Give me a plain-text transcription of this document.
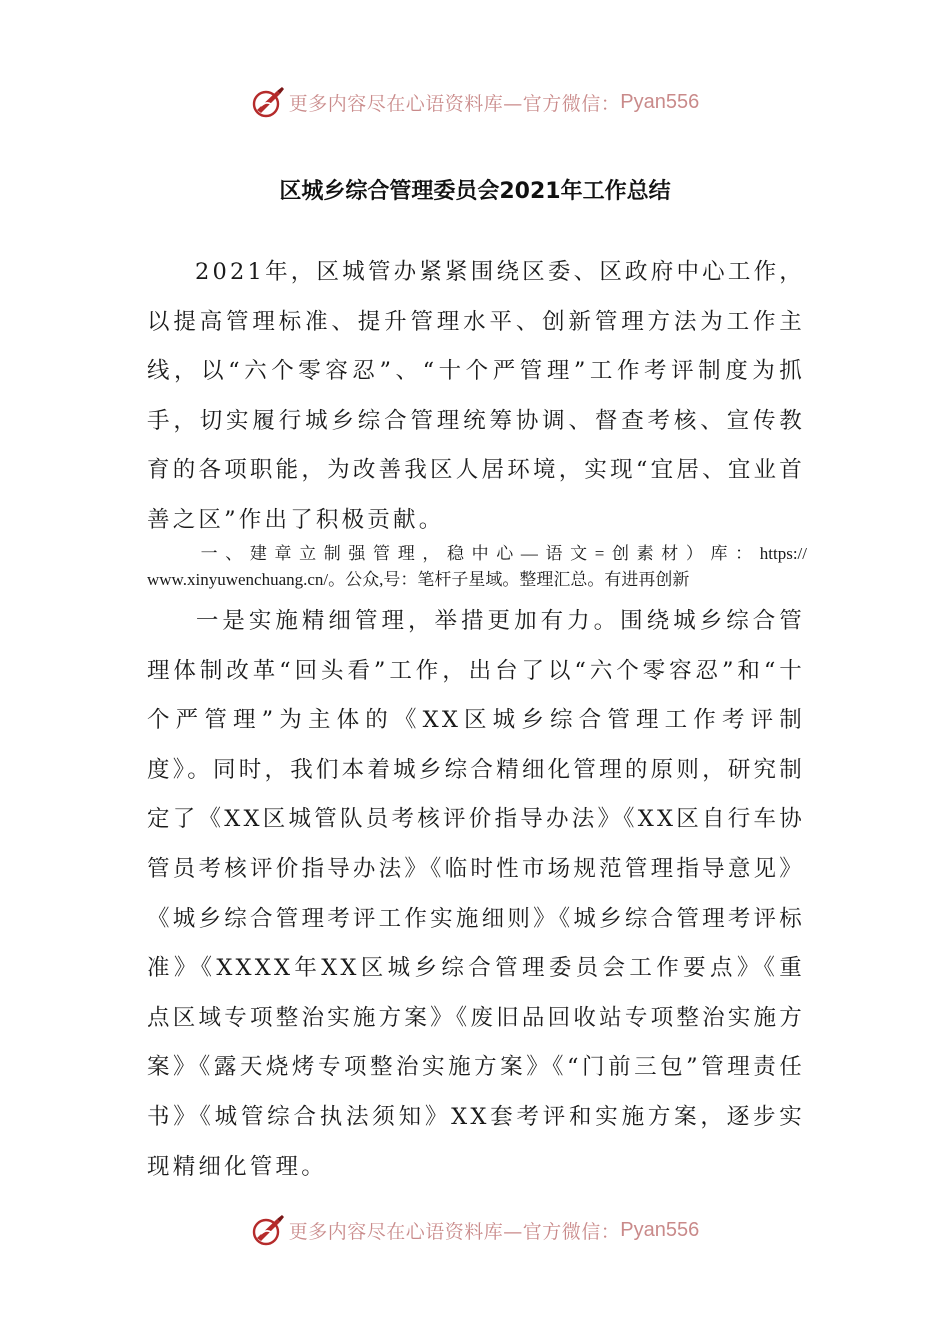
更多内容尽在心语资料库—官方微信： Pyan556
区城乡综合管理委员会2021年工作总结

2021年，区城管办紧紧围绕区委、区政府中心工作，以提高管理标准、提升管理水平、创新管理方法为工作主线，以“六个零容忍”、“十个严管理”工作考评制度为抓手，切实履行城乡综合管理统筹协调、督查考核、宣传教育的各项职能，为改善我区人居环境，实现“宜居、宜业首善之区”作出了积极贡献。

一、建章立制强管理，稳中心—语文=创素材）库：https://

www.xinyuwenchuang.cn/。公众,号：笔杆子星域。整理汇总。有进再创新

一是实施精细管理，举措更加有力。围绕城乡综合管理体制改革“回头看”工作，出台了以“六个零容忍”和“十个严管理”为主体的《XX区城乡综合管理工作考评制度》。同时，我们本着城乡综合精细化管理的原则，研究制定了《XX区城管队员考核评价指导办法》《XX区自行车协管员考核评价指导办法》《临时性市场规范管理指导意见》《城乡综合管理考评工作实施细则》《城乡综合管理考评标准》《XXXX年XX区城乡综合管理委员会工作要点》《重点区域专项整治实施方案》《废旧品回收站专项整治实施方案》《露天烧烤专项整治实施方案》《“门前三包”管理责任书》《城管综合执法须知》XX套考评和实施方案，逐步实现精细化管理。

更多内容尽在心语资料库—官方微信： Pyan556
